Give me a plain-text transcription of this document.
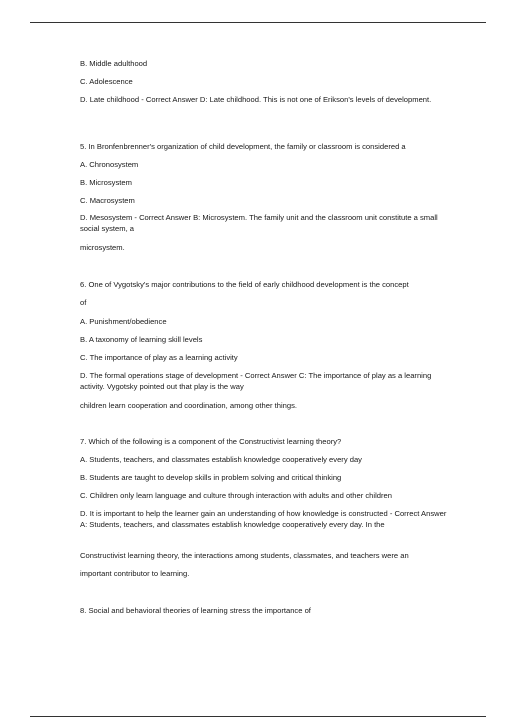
B. Middle adulthood

C. Adolescence

D. Late childhood - Correct Answer D: Late childhood. This is not one of Erikson's levels of development.

5. In Bronfenbrenner's organization of child development, the family or classroom is considered a

A. Chronosystem

B. Microsystem

C. Macrosystem

D. Mesosystem - Correct Answer B: Microsystem. The family unit and the classroom unit constitute a small social system, a

microsystem.

6. One of Vygotsky's major contributions to the field of early childhood development is the concept

of

A. Punishment/obedience

B. A taxonomy of learning skill levels

C. The importance of play as a learning activity

D. The formal operations stage of development - Correct Answer C: The importance of play as a learning activity. Vygotsky pointed out that play is the way

children learn cooperation and coordination, among other things.

7. Which of the following is a component of the Constructivist learning theory?

A. Students, teachers, and classmates establish knowledge cooperatively every day

B. Students are taught to develop skills in problem solving and critical thinking

C. Children only learn language and culture through interaction with adults and other children

D. It is important to help the learner gain an understanding of how knowledge is constructed - Correct Answer A: Students, teachers, and classmates establish knowledge cooperatively every day. In the

Constructivist learning theory, the interactions among students, classmates, and teachers were an

important contributor to learning.

8. Social and behavioral theories of learning stress the importance of
